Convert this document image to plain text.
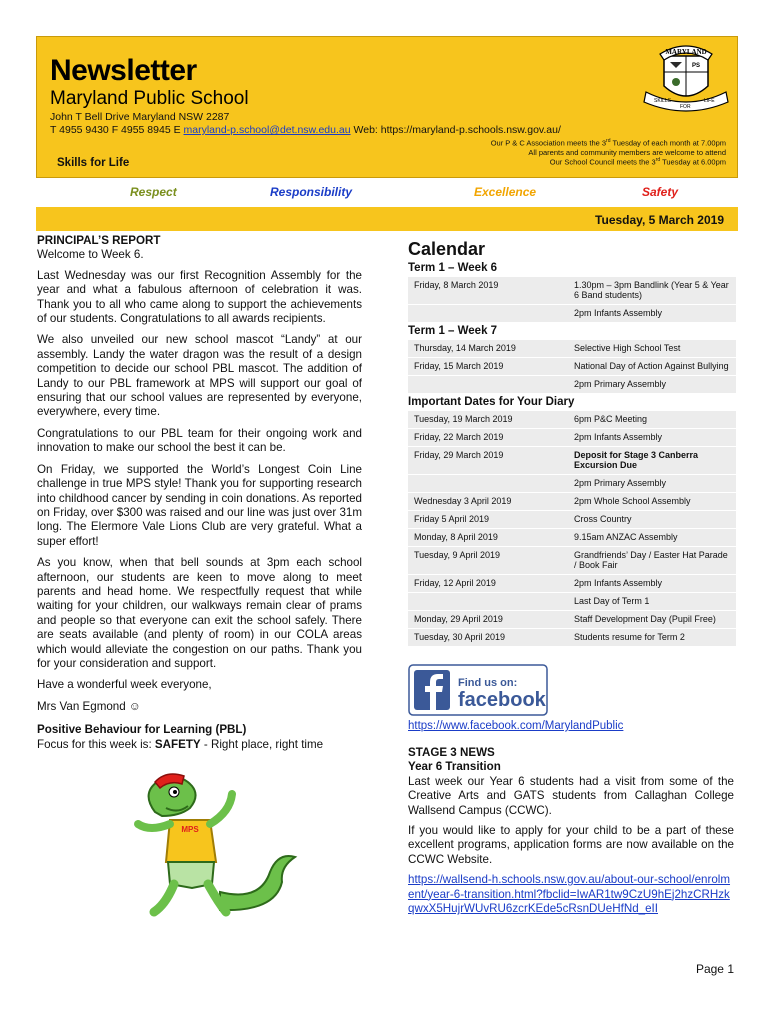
Newsletter
Maryland Public School
John T Bell Drive Maryland NSW 2287
T 4955 9430 F 4955 8945 E maryland-p.school@det.nsw.edu.au Web: https://maryland-p.schools.nsw.gov.au/
Our P & C Association meets the 3rd Tuesday of each month at 7.00pm
All parents and community members are welcome to attend
Our School Council meets the 3rd Tuesday at 6.00pm
Skills for Life
MARYLAND
PS
SKILLS
FOR
LIFE
Respect	Responsibility	Excellence	Safety
Tuesday, 5 March 2019

PRINCIPAL’S REPORT

Welcome to Week 6.

Last Wednesday was our first Recognition Assembly for the year and what a fabulous afternoon of celebration it was. Thank you to all who came along to support the achievements of our students. Congratulations to all awards recipients.

We also unveiled our new school mascot “Landy” at our assembly. Landy the water dragon was the result of a design competition to decide our school PBL mascot. The addition of Landy to our PBL framework at MPS will support our goal of ensuring that our school values are represented by everyone, everywhere, every time.

Congratulations to our PBL team for their ongoing work and innovation to make our school the best it can be.

On Friday, we supported the World’s Longest Coin Line challenge in true MPS style! Thank you for supporting research into childhood cancer by sending in coin donations. As reported on Friday, over $300 was raised and our line was just over 31m long. The Elermore Vale Lions Club are very grateful. What a super effort!

As you know, when that bell sounds at 3pm each school afternoon, our students are keen to move along to meet parents and head home. We respectfully request that while waiting for your children, our walkways remain clear of prams and people so that everyone can exit the school safely. There are seats available (and plenty of room) in our COLA areas which would alleviate the congestion on our paths. Thank you for your consideration and support.

Have a wonderful week everyone,

Mrs Van Egmond ☺

Positive Behaviour for Learning (PBL)

Focus for this week is: SAFETY - Right place, right time

MPS
Calendar
Term 1 – Week 6
Friday, 8 March 2019	1.30pm – 3pm Bandlink (Year 5 & Year 6 Band students)
	2pm Infants Assembly
Term 1 – Week 7
Thursday, 14 March 2019	Selective High School Test
Friday, 15 March 2019	National Day of Action Against Bullying
	2pm Primary Assembly
Important Dates for Your Diary
Tuesday, 19 March 2019	6pm P&C Meeting
Friday, 22 March 2019	2pm Infants Assembly
Friday, 29 March 2019	Deposit for Stage 3 Canberra Excursion Due
	2pm Primary Assembly
Wednesday 3 April 2019	2pm Whole School Assembly
Friday 5 April 2019	Cross Country
Monday, 8 April 2019	9.15am ANZAC Assembly
Tuesday, 9 April 2019	Grandfriends’ Day / Easter Hat Parade / Book Fair
Friday, 12 April 2019	2pm Infants Assembly
	Last Day of Term 1
Monday, 29 April 2019	Staff Development Day (Pupil Free)
Tuesday, 30 April 2019	Students resume for Term 2
Find us on:
facebook
https://www.facebook.com/MarylandPublic

STAGE 3 NEWS

Year 6 Transition

Last week our Year 6 students had a visit from some of the Creative Arts and GATS students from Callaghan College Wallsend Campus (CCWC).

If you would like to apply for your child to be a part of these excellent programs, application forms are now available on the CCWC Website.

https://wallsend-h.schools.nsw.gov.au/about-our-school/enrolment/year-6-transition.html?fbclid=IwAR1tw9CzU9hEj2hzCRHzkqwxX5HujrWUvRU6zcrKEde5cRsnDUeHfNd_eII

Page 1
